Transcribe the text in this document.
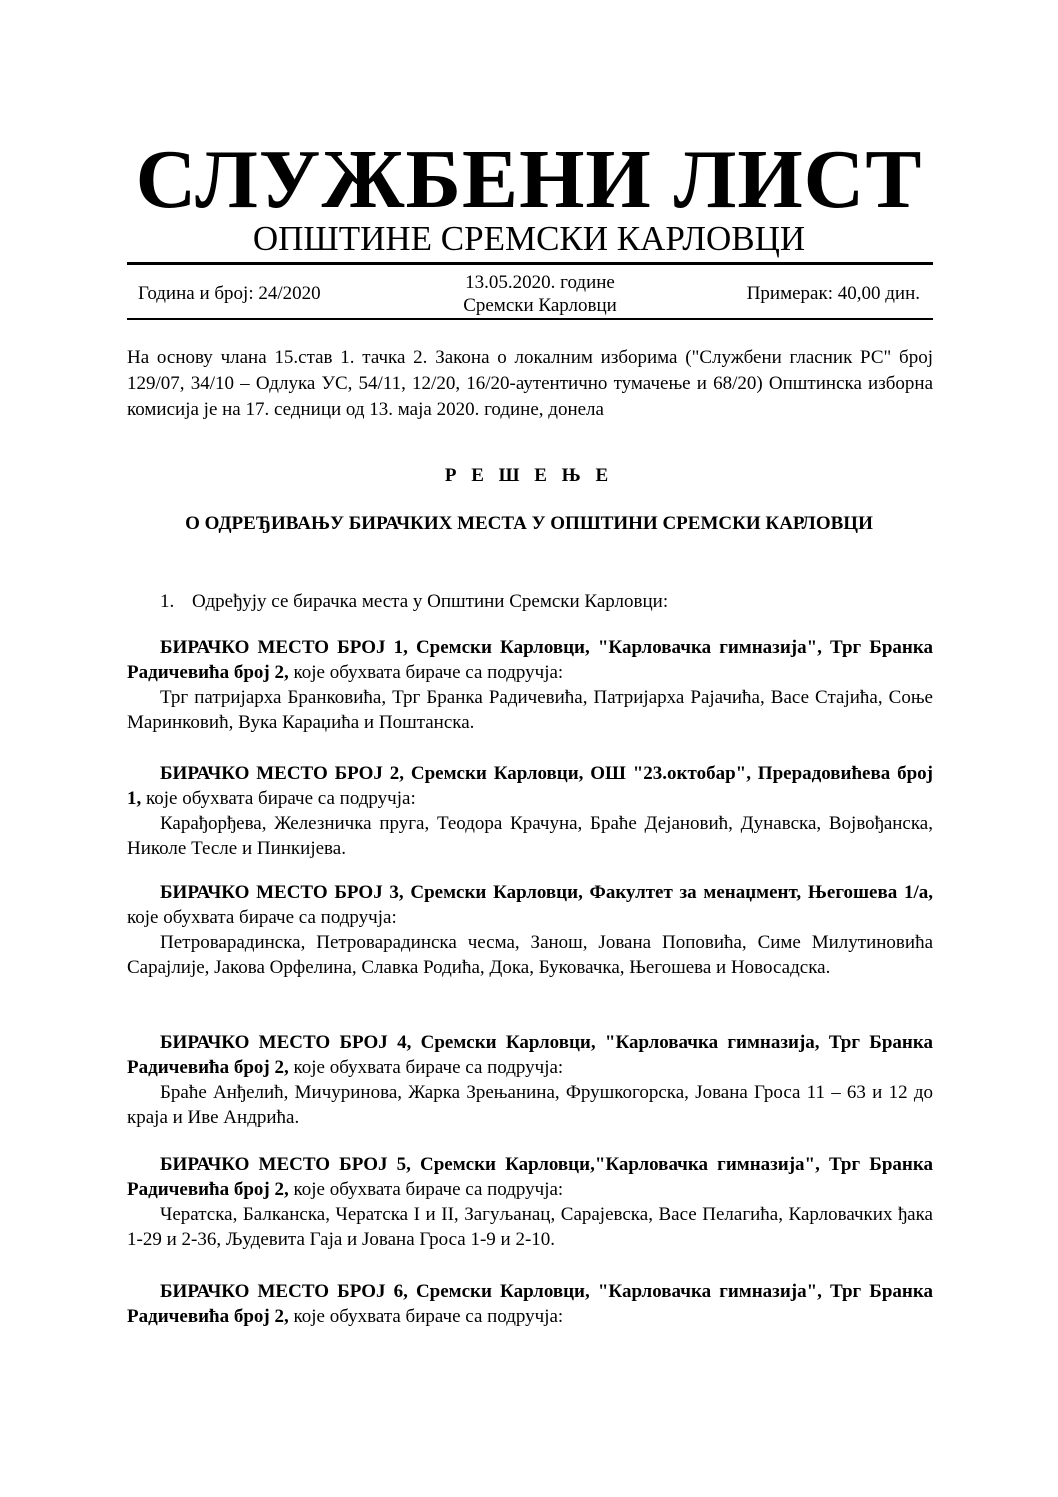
СЛУЖБЕНИ ЛИСТ
ОПШТИНЕ СРЕМСКИ КАРЛОВЦИ
Година и број: 24/2020
13.05.2020. године
Сремски Карловци
Примерак: 40,00 дин.

На основу члана 15.став 1. тачка 2. Закона о локалним изборима ("Службени гласник РС" број 129/07, 34/10 – Одлука УС, 54/11, 12/20, 16/20-аутентично тумачење и 68/20) Општинска изборна комисија је на 17. седници од 13. маја 2020. године, донела

Р Е Ш Е Њ Е
О ОДРЕЂИВАЊУ БИРАЧКИХ МЕСТА У ОПШТИНИ СРЕМСКИ КАРЛОВЦИ
1. Одређују се бирачка места у Општини Сремски Карловци:

БИРАЧКО МЕСТО БРОЈ 1, Сремски Карловци, "Карловачка гимназија", Трг Бранка Радичевића број 2, које обухвата бираче са подручја:

Трг патријарха Бранковића, Трг Бранка Радичевића, Патријарха Рајачића, Васе Стајића, Соње Маринковић, Вука Караџића и Поштанска.

БИРАЧКО МЕСТО БРОЈ 2, Сремски Карловци, ОШ "23.октобар", Прерадовићева број 1, које обухвата бираче са подручја:

Карађорђева, Железничка пруга, Теодора Крачуна, Браће Дејановић, Дунавска, Војвођанска, Николе Тесле и Пинкијева.

БИРАЧКО МЕСТО БРОЈ 3, Сремски Карловци, Факултет за менаџмент, Његошева 1/а, које обухвата бираче са подручја:

Петроварадинска, Петроварадинска чесма, Занош, Јована Поповића, Симе Милутиновића Сарајлије, Јакова Орфелина, Славка Родића, Дока, Буковачка, Његошева и Новосадска.

БИРАЧКО МЕСТО БРОЈ 4, Сремски Карловци, "Карловачка гимназија, Трг Бранка Радичевића број 2, које обухвата бираче са подручја:

Браће Анђелић, Мичуринова, Жарка Зрењанина, Фрушкогорска, Јована Гроса 11 – 63 и 12 до краја и Иве Андрића.

БИРАЧКО МЕСТО БРОЈ 5, Сремски Карловци,"Карловачка гимназија", Трг Бранка Радичевића број 2, које обухвата бираче са подручја:

Чератска, Балканска, Чератска I и II, Загуљанац, Сарајевска, Васе Пелагића, Карловачких ђака 1-29 и 2-36, Људевита Гаја и Јована Гроса 1-9 и 2-10.

БИРАЧКО МЕСТО БРОЈ 6, Сремски Карловци, "Карловачка гимназија", Трг Бранка Радичевића број 2, које обухвата бираче са подручја:
